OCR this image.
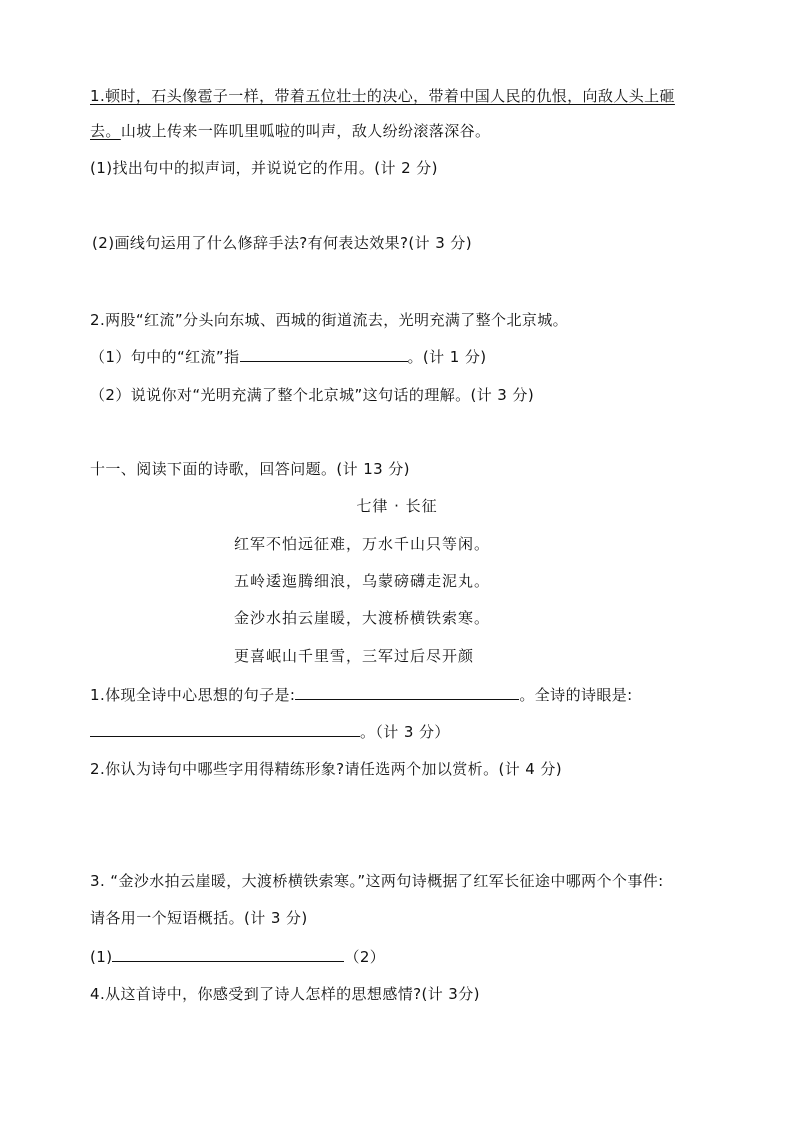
1.顿时，石头像雹子一样，带着五位壮士的决心，带着中国人民的仇恨，向敌人头上砸
去。山坡上传来一阵叽里呱啦的叫声，敌人纷纷滚落深谷。
(1)找出句中的拟声词，并说说它的作用。(计 2 分)
(2)画线句运用了什么修辞手法?有何表达效果?(计 3 分)
2.两股“红流”分头向东城、西城的街道流去，光明充满了整个北京城。
（1）句中的“红流”指	。(计 1 分)
（2）说说你对“光明充满了整个北京城”这句话的理解。(计 3 分)
十一、阅读下面的诗歌，回答问题。(计 13 分)
七律 · 长征
红军不怕远征难，万水千山只等闲。
五岭逶迤腾细浪，乌蒙磅礴走泥丸。
金沙水拍云崖暖，大渡桥横铁索寒。
更喜岷山千里雪，三军过后尽开颜
1.体现全诗中心思想的句子是:	。全诗的诗眼是:
。（计 3 分）
2.你认为诗句中哪些字用得精练形象?请任选两个加以赏析。(计 4 分)
3. “金沙水拍云崖暖，大渡桥横铁索寒。”这两句诗概据了红军长征途中哪两个个事件:
请各用一个短语概括。(计 3 分)
(1)	（2）
4.从这首诗中，你感受到了诗人怎样的思想感情?(计 3分)
